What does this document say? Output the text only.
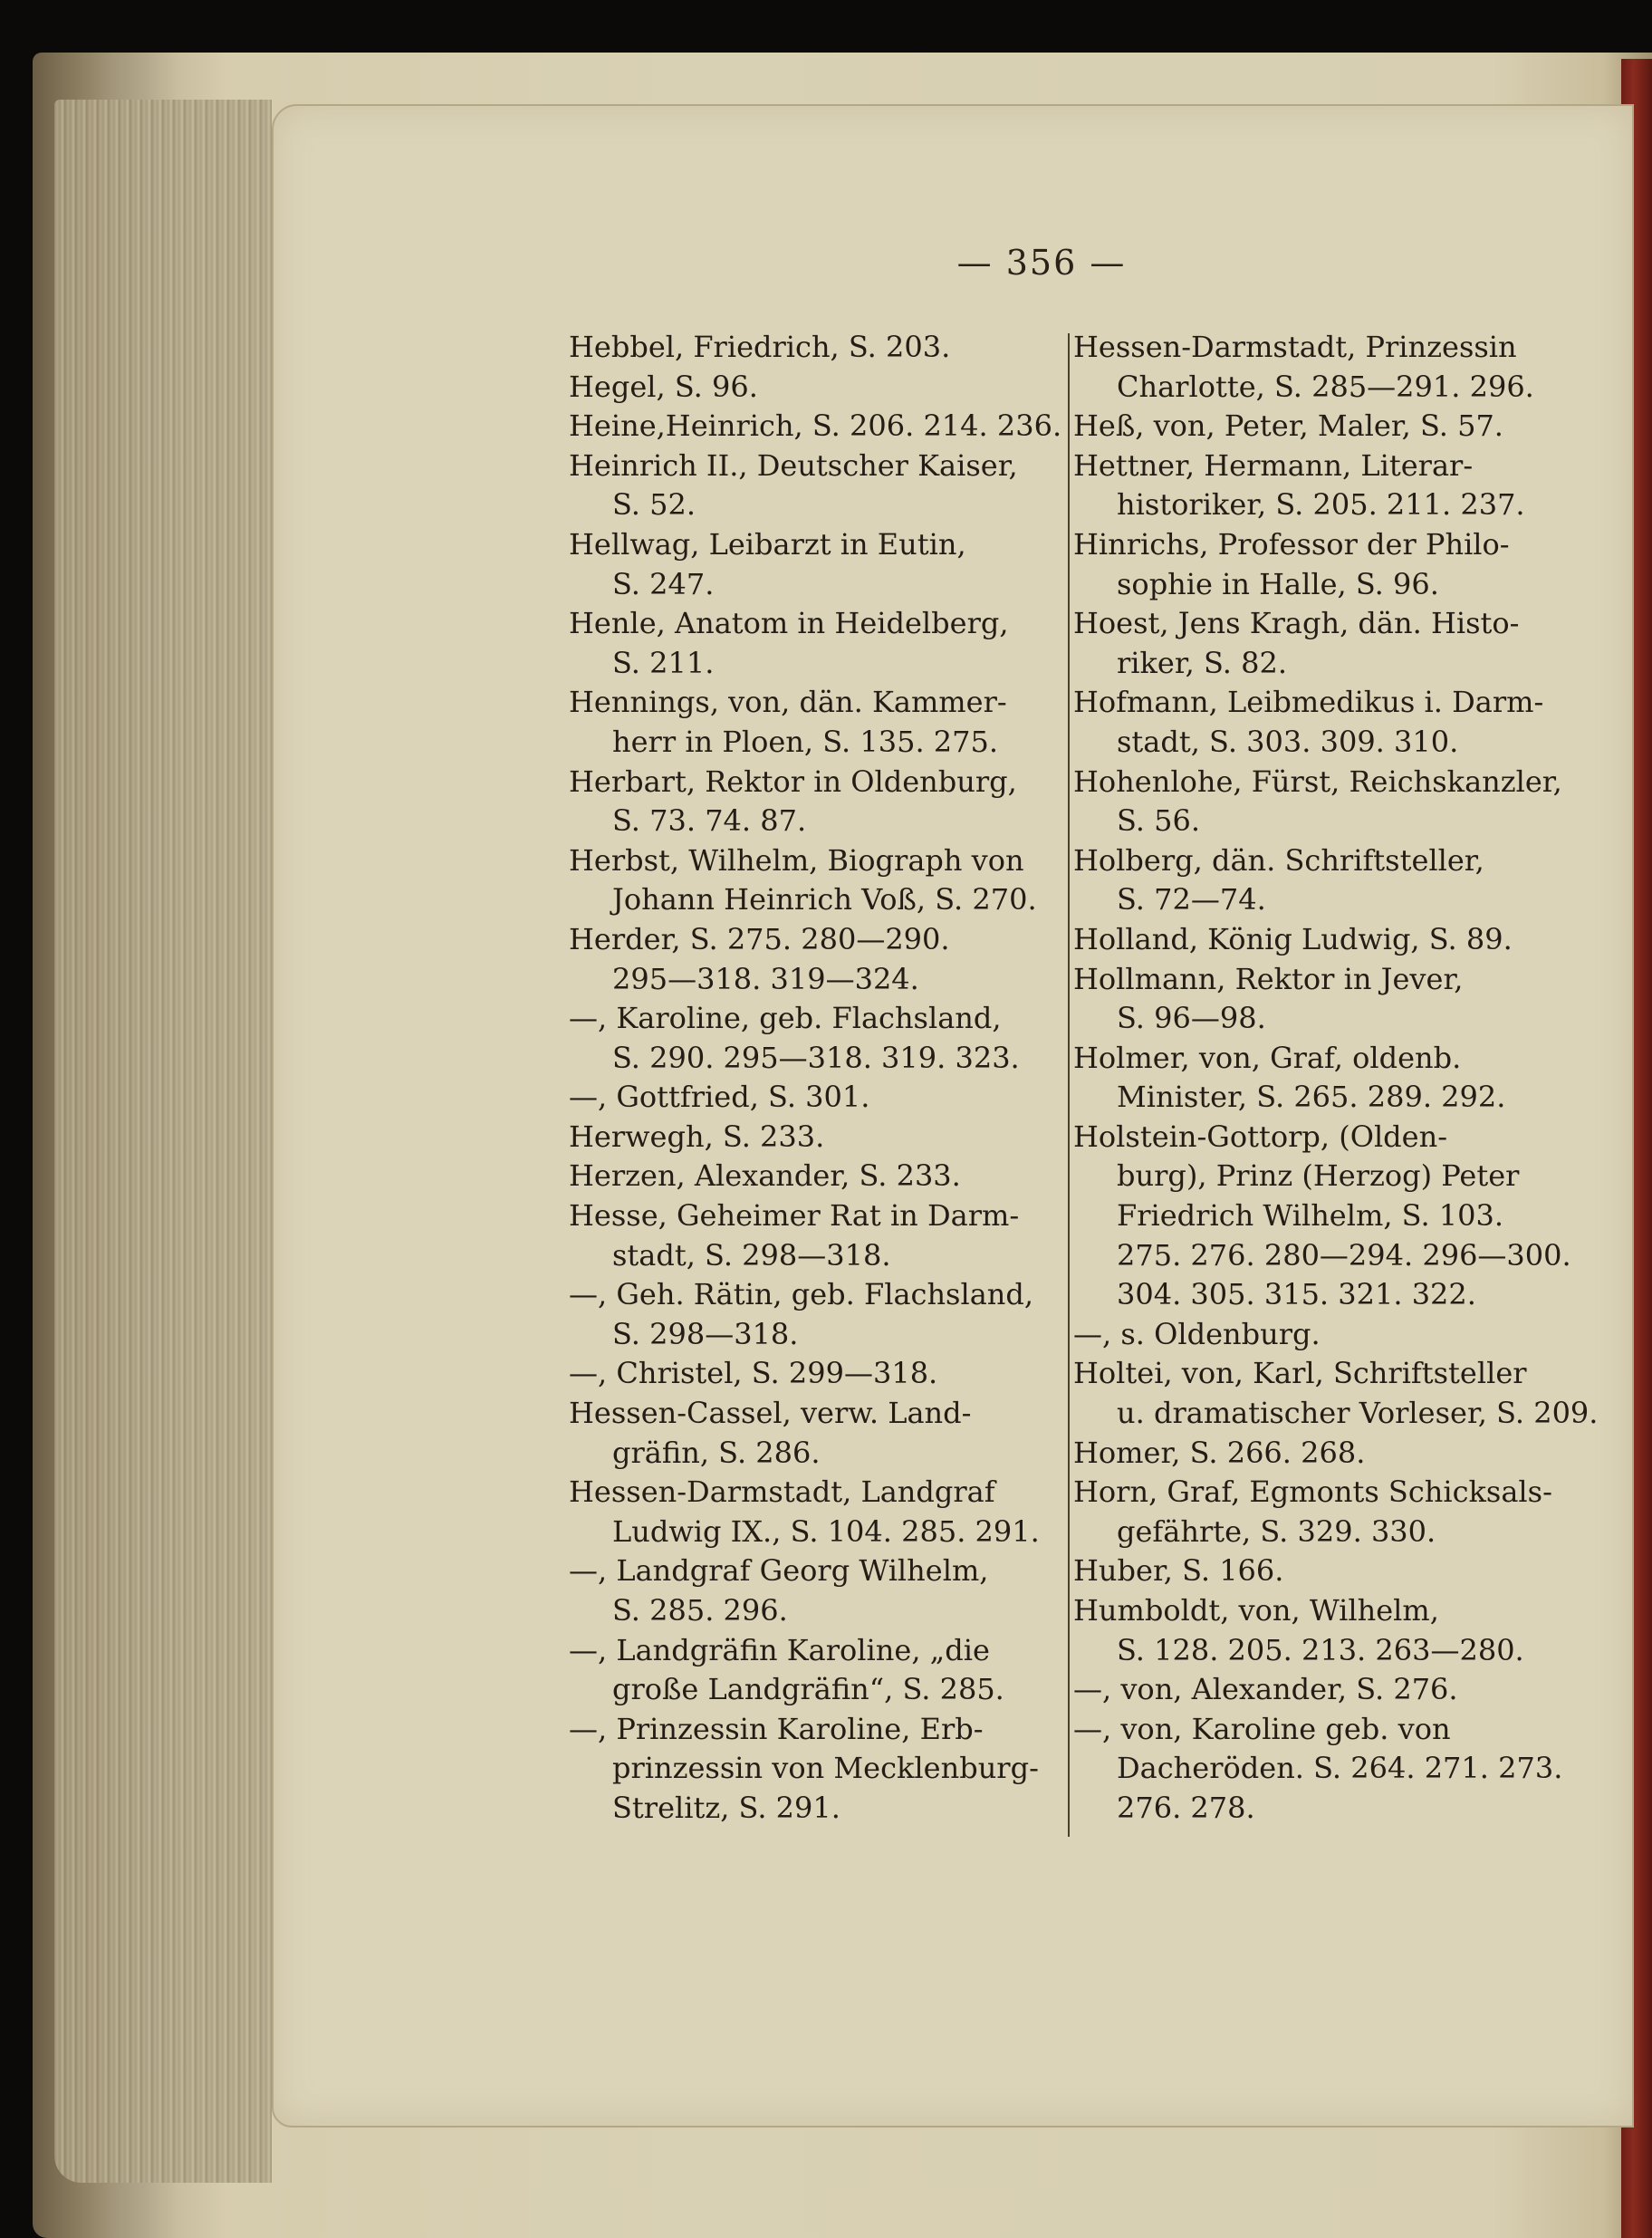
— 356 —
Hebbel, Friedrich, S. 203.
Hegel, S. 96.
Heine,Heinrich, S. 206. 214. 236.
Heinrich II., Deutscher Kaiser,
S. 52.
Hellwag, Leibarzt in Eutin,
S. 247.
Henle, Anatom in Heidelberg,
S. 211.
Hennings, von, dän. Kammer-
herr in Ploen, S. 135. 275.
Herbart, Rektor in Oldenburg,
S. 73. 74. 87.
Herbst, Wilhelm, Biograph von
Johann Heinrich Voß, S. 270.
Herder, S. 275. 280—290.
295—318. 319—324.
—, Karoline, geb. Flachsland,
S. 290. 295—318. 319. 323.
—, Gottfried, S. 301.
Herwegh, S. 233.
Herzen, Alexander, S. 233.
Hesse, Geheimer Rat in Darm-
stadt, S. 298—318.
—, Geh. Rätin, geb. Flachsland,
S. 298—318.
—, Christel, S. 299—318.
Hessen-Cassel, verw. Land-
gräfin, S. 286.
Hessen-Darmstadt, Landgraf
Ludwig IX., S. 104. 285. 291.
—, Landgraf Georg Wilhelm,
S. 285. 296.
—, Landgräfin Karoline, „die
große Landgräfin“, S. 285.
—, Prinzessin Karoline, Erb-
prinzessin von Mecklenburg-
Strelitz, S. 291.
Hessen-Darmstadt, Prinzessin
Charlotte, S. 285—291. 296.
Heß, von, Peter, Maler, S. 57.
Hettner, Hermann, Literar-
historiker, S. 205. 211. 237.
Hinrichs, Professor der Philo-
sophie in Halle, S. 96.
Hoest, Jens Kragh, dän. Histo-
riker, S. 82.
Hofmann, Leibmedikus i. Darm-
stadt, S. 303. 309. 310.
Hohenlohe, Fürst, Reichskanzler,
S. 56.
Holberg, dän. Schriftsteller,
S. 72—74.
Holland, König Ludwig, S. 89.
Hollmann, Rektor in Jever,
S. 96—98.
Holmer, von, Graf, oldenb.
Minister, S. 265. 289. 292.
Holstein-Gottorp, (Olden-
burg), Prinz (Herzog) Peter
Friedrich Wilhelm, S. 103.
275. 276. 280—294. 296—300.
304. 305. 315. 321. 322.
—, s. Oldenburg.
Holtei, von, Karl, Schriftsteller
u. dramatischer Vorleser, S. 209.
Homer, S. 266. 268.
Horn, Graf, Egmonts Schicksals-
gefährte, S. 329. 330.
Huber, S. 166.
Humboldt, von, Wilhelm,
S. 128. 205. 213. 263—280.
—, von, Alexander, S. 276.
—, von, Karoline geb. von
Dacheröden. S. 264. 271. 273.
276. 278.
